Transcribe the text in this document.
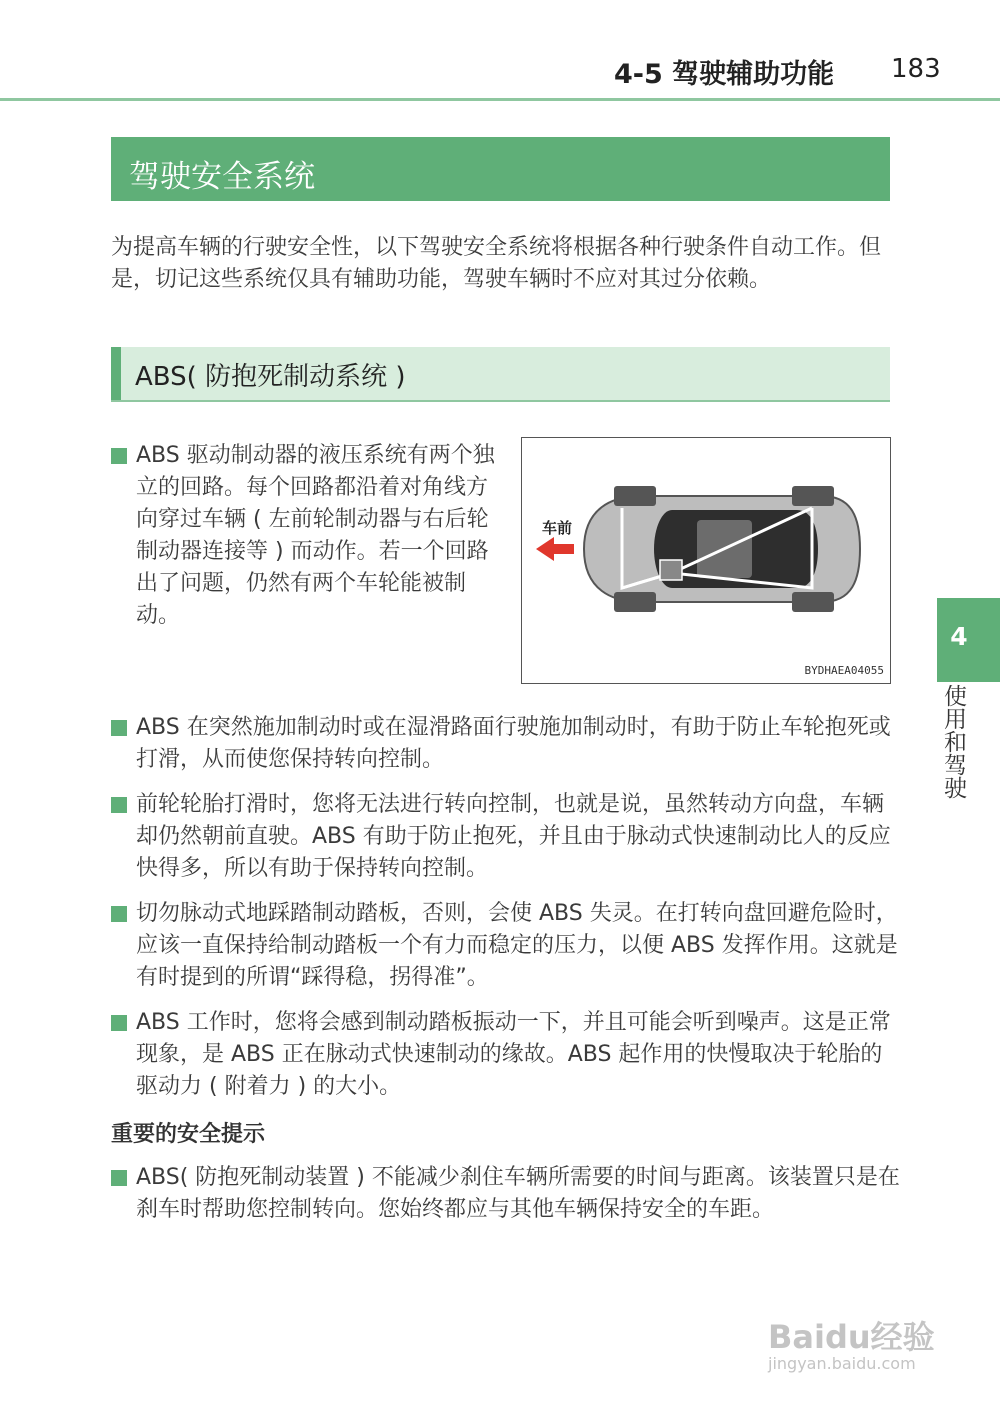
4-5 驾驶辅助功能 183
驾驶安全系统
为提高车辆的行驶安全性，以下驾驶安全系统将根据各种行驶条件自动工作。但是，切记这些系统仅具有辅助功能，驾驶车辆时不应对其过分依赖。
ABS( 防抱死制动系统 )
ABS 驱动制动器的液压系统有两个独立的回路。每个回路都沿着对角线方向穿过车辆 ( 左前轮制动器与右后轮制动器连接等 ) 而动作。若一个回路出了问题，仍然有两个车轮能被制动。
车前
BYDHAEA04055
ABS 在突然施加制动时或在湿滑路面行驶施加制动时，有助于防止车轮抱死或打滑，从而使您保持转向控制。
前轮轮胎打滑时，您将无法进行转向控制，也就是说，虽然转动方向盘，车辆却仍然朝前直驶。ABS 有助于防止抱死，并且由于脉动式快速制动比人的反应快得多，所以有助于保持转向控制。
切勿脉动式地踩踏制动踏板，否则，会使 ABS 失灵。在打转向盘回避危险时，应该一直保持给制动踏板一个有力而稳定的压力，以便 ABS 发挥作用。这就是有时提到的所谓“踩得稳，拐得准”。
ABS 工作时，您将会感到制动踏板振动一下，并且可能会听到噪声。这是正常现象，是 ABS 正在脉动式快速制动的缘故。ABS 起作用的快慢取决于轮胎的驱动力 ( 附着力 ) 的大小。
重要的安全提示
ABS( 防抱死制动装置 ) 不能减少刹住车辆所需要的时间与距离。该装置只是在刹车时帮助您控制转向。您始终都应与其他车辆保持安全的车距。
4
使用和驾驶
Baidu经验
jingyan.baidu.com
